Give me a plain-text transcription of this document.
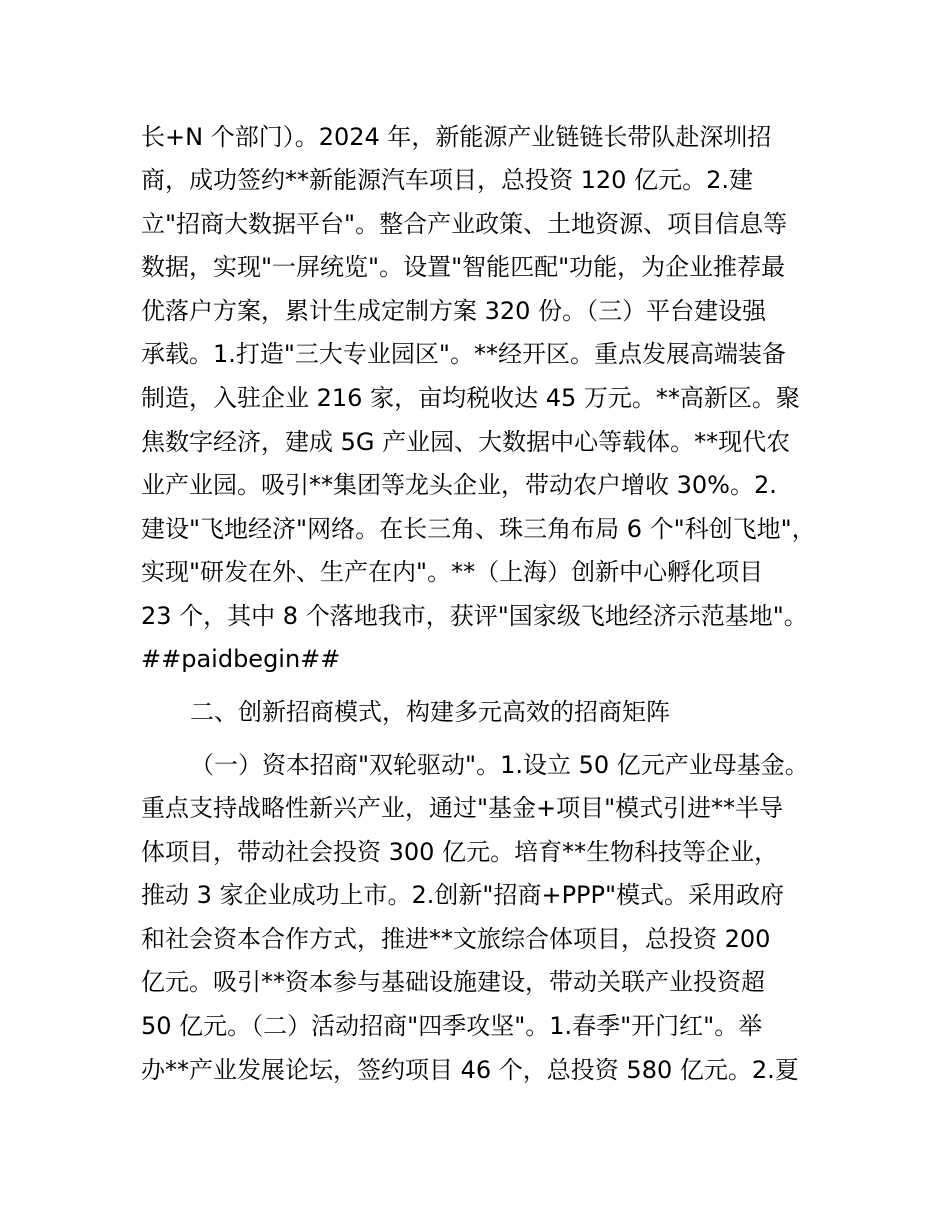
长+N 个部门）。2024 年，新能源产业链链长带队赴深圳招
商，成功签约**新能源汽车项目，总投资 120 亿元。2.建
立"招商大数据平台"。整合产业政策、土地资源、项目信息等
数据，实现"一屏统览"。设置"智能匹配"功能，为企业推荐最
优落户方案，累计生成定制方案 320 份。（三）平台建设强
承载。1.打造"三大专业园区"。**经开区。重点发展高端装备
制造，入驻企业 216 家，亩均税收达 45 万元。**高新区。聚
焦数字经济，建成 5G 产业园、大数据中心等载体。**现代农
业产业园。吸引**集团等龙头企业，带动农户增收 30%。2.
建设"飞地经济"网络。在长三角、珠三角布局 6 个"科创飞地"，
实现"研发在外、生产在内"。**（上海）创新中心孵化项目
23 个，其中 8 个落地我市，获评"国家级飞地经济示范基地"。
##paidbegin##
二、创新招商模式，构建多元高效的招商矩阵
（一）资本招商"双轮驱动"。1.设立 50 亿元产业母基金。
重点支持战略性新兴产业，通过"基金+项目"模式引进**半导
体项目，带动社会投资 300 亿元。培育**生物科技等企业，
推动 3 家企业成功上市。2.创新"招商+PPP"模式。采用政府
和社会资本合作方式，推进**文旅综合体项目，总投资 200
亿元。吸引**资本参与基础设施建设，带动关联产业投资超
50 亿元。（二）活动招商"四季攻坚"。1.春季"开门红"。举
办**产业发展论坛，签约项目 46 个，总投资 580 亿元。2.夏
